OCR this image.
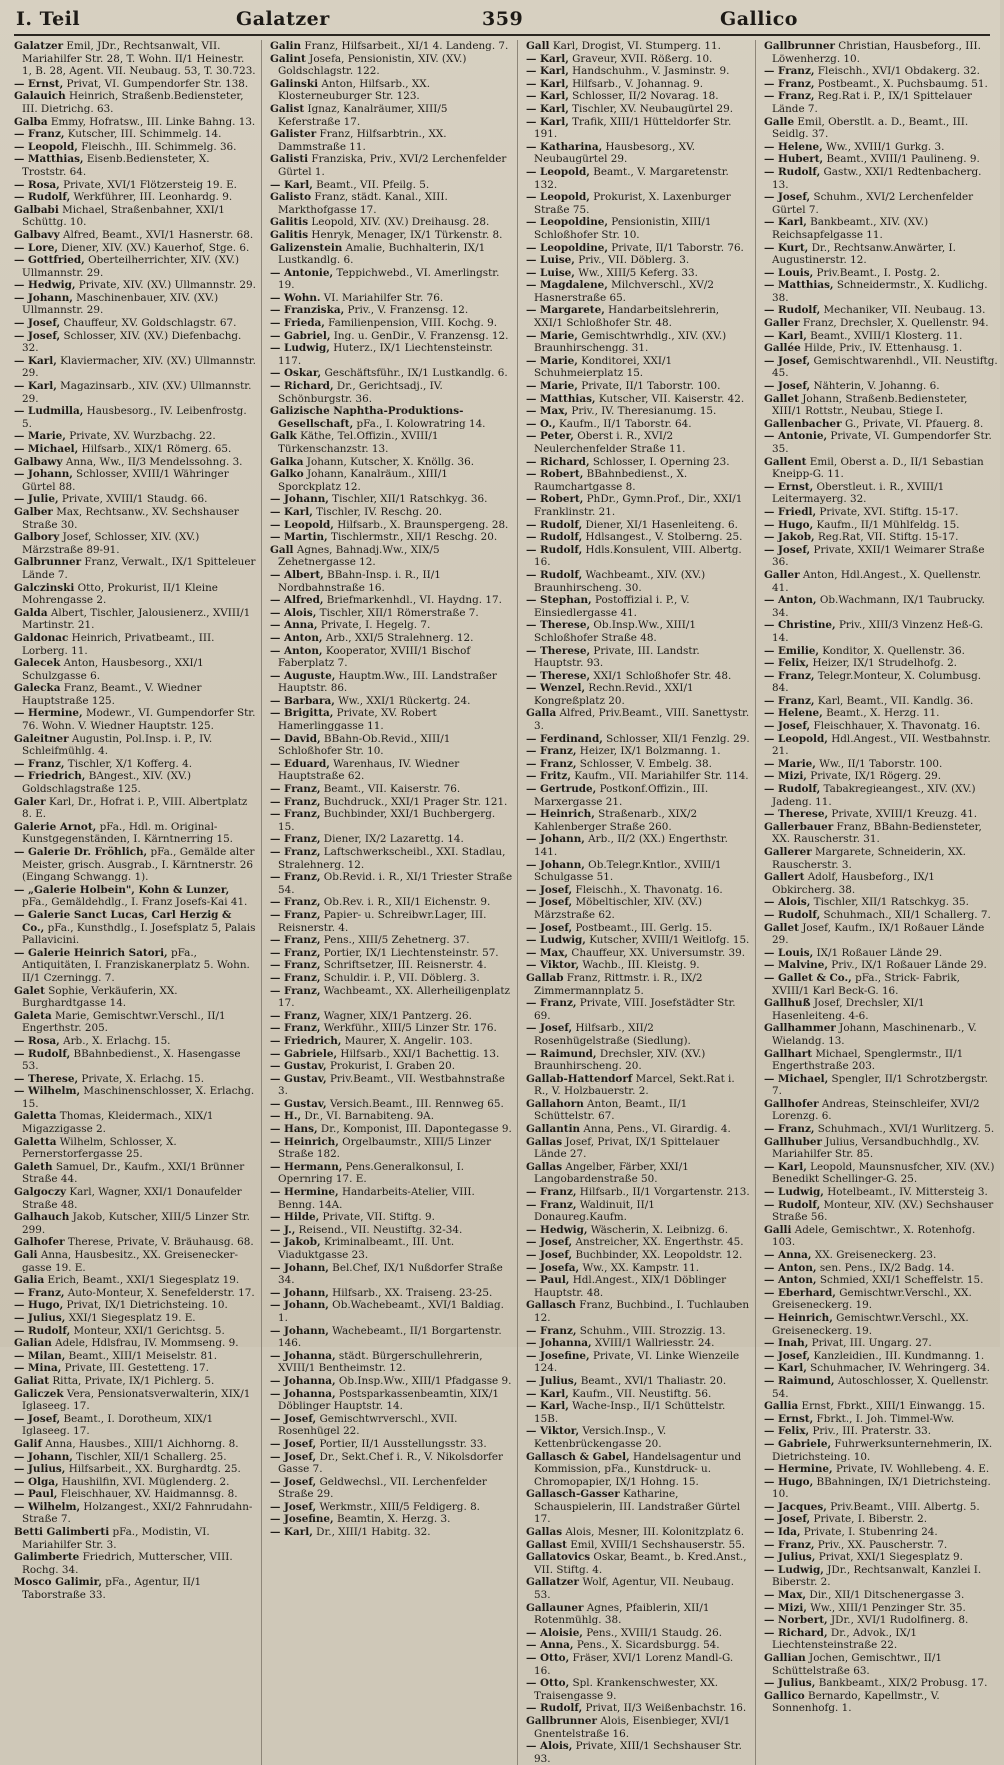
I. Teil	Galatzer	359	Gallico

Galatzer Emil, JDr., Rechtsanwalt, VII. Mariahilfer Str. 28, T. Wohn. II/1 Heinestr. 1, B. 28, Agent. VII. Neubaug. 53, T. 30.723.

— Ernst, Privat, VI. Gumpendorfer Str. 138.

Galauich Heinrich, Straßenb.Bediensteter, III. Dietrichg. 63.

Galba Emmy, Hofratsw., III. Linke Bahng. 13.

— Franz, Kutscher, III. Schimmelg. 14.

— Leopold, Fleischh., III. Schimmelg. 36.

— Matthias, Eisenb.Bediensteter, X. Troststr. 64.

— Rosa, Private, XVI/1 Flötzersteig 19. E.

— Rudolf, Werkführer, III. Leonhardg. 9.

Galbabi Michael, Straßenbahner, XXI/1 Schüttg. 10.

Galbavy Alfred, Beamt., XVI/1 Hasnerstr. 68.

— Lore, Diener, XIV. (XV.) Kauerhof, Stge. 6.

— Gottfried, Oberteilherrichter, XIV. (XV.) Ullmannstr. 29.

— Hedwig, Private, XIV. (XV.) Ullmannstr. 29.

— Johann, Maschinenbauer, XIV. (XV.) Ullmannstr. 29.

— Josef, Chauffeur, XV. Goldschlagstr. 67.

— Josef, Schlosser, XIV. (XV.) Diefenbachg. 32.

— Karl, Klaviermacher, XIV. (XV.) Ullmannstr. 29.

— Karl, Magazinsarb., XIV. (XV.) Ullmannstr. 29.

— Ludmilla, Hausbesorg., IV. Leibenfrostg. 5.

— Marie, Private, XV. Wurzbachg. 22.

— Michael, Hilfsarb., XIX/1 Römerg. 65.

Galbawy Anna, Ww., II/3 Mendelssohng. 3.

— Johann, Schlosser, XVIII/1 Währinger Gürtel 88.

— Julie, Private, XVIII/1 Staudg. 66.

Galber Max, Rechtsanw., XV. Sechshauser Straße 30.

Galbory Josef, Schlosser, XIV. (XV.) Märzstraße 89-91.

Galbrunner Franz, Verwalt., IX/1 Spitteleuer Lände 7.

Galczinski Otto, Prokurist, II/1 Kleine Mohrengasse 2.

Galda Albert, Tischler, Jalousienerz., XVIII/1 Martinstr. 21.

Galdonac Heinrich, Privatbeamt., III. Lorberg. 11.

Galecek Anton, Hausbesorg., XXI/1 Schulzgasse 6.

Galecka Franz, Beamt., V. Wiedner Hauptstraße 125.

— Hermine, Modewr., VI. Gumpendorfer Str. 76. Wohn. V. Wiedner Hauptstr. 125.

Galeitner Augustin, Pol.Insp. i. P., IV. Schleifmühlg. 4.

— Franz, Tischler, X/1 Kofferg. 4.

— Friedrich, BAngest., XIV. (XV.) Goldschlagstraße 125.

Galer Karl, Dr., Hofrat i. P., VIII. Albertplatz 8. E.

Galerie Arnot, pFa., Hdl. m. Original-Kunstgegenständen, I. Kärntnerring 15.

— Galerie Dr. Fröhlich, pFa., Gemälde alter Meister, grisch. Ausgrab., I. Kärntnerstr. 26 (Eingang Schwangg. 1).

— „Galerie Holbein", Kohn & Lunzer, pFa., Gemäldehdlg., I. Franz Josefs-Kai 41.

— Galerie Sanct Lucas, Carl Herzig & Co., pFa., Kunsthdlg., I. Josefsplatz 5, Palais Pallavicini.

— Galerie Heinrich Satori, pFa., Antiquitäten, I. Franziskanerplatz 5. Wohn. II/1 Czerningg. 7.

Galet Sophie, Verkäuferin, XX. Burghardtgasse 14.

Galeta Marie, Gemischtwr.Verschl., II/1 Engerthstr. 205.

— Rosa, Arb., X. Erlachg. 15.

— Rudolf, BBahnbedienst., X. Hasengasse 53.

— Therese, Private, X. Erlachg. 15.

— Wilhelm, Maschinenschlosser, X. Erlachg. 15.

Galetta Thomas, Kleidermach., XIX/1 Migazzigasse 2.

Galetta Wilhelm, Schlosser, X. Pernerstorfergasse 25.

Galeth Samuel, Dr., Kaufm., XXI/1 Brünner Straße 44.

Galgoczy Karl, Wagner, XXI/1 Donaufelder Straße 48.

Galhauch Jakob, Kutscher, XIII/5 Linzer Str. 299.

Galhofer Therese, Private, V. Bräuhausg. 68.

Gali Anna, Hausbesitz., XX. Greisenecker-gasse 19. E.

Galia Erich, Beamt., XXI/1 Siegesplatz 19.

— Franz, Auto-Monteur, X. Senefelderstr. 17.

— Hugo, Privat, IX/1 Dietrichsteing. 10.

— Julius, XXI/1 Siegesplatz 19. E.

— Rudolf, Monteur, XXI/1 Gerichtsg. 5.

Galian Adele, Hdlsfrau, IV. Mommseng. 9.

— Milan, Beamt., XIII/1 Meiselstr. 81.

— Mina, Private, III. Gestetteng. 17.

Galiat Ritta, Private, IX/1 Pichlerg. 5.

Galiczek Vera, Pensionatsverwalterin, XIX/1 Iglaseeg. 17.

— Josef, Beamt., I. Dorotheum, XIX/1 Iglaseeg. 17.

Galif Anna, Hausbes., XIII/1 Aichhorng. 8.

— Johann, Tischler, XII/1 Schallerg. 25.

— Julius, Hilfsarbeit., XX. Burghardtg. 25.

— Olga, Haushilfin, XVI. Müglenderg. 2.

— Paul, Fleischhauer, XV. Haidmannsg. 8.

— Wilhelm, Holzangest., XXI/2 Fahnrudahn-Straße 7.

Betti Galimberti pFa., Modistin, VI. Mariahilfer Str. 3.

Galimberte Friedrich, Mutterscher, VIII. Rochg. 34.

Mosco Galimir, pFa., Agentur, II/1 Taborstraße 33.

Galin Franz, Hilfsarbeit., XI/1 4. Landeng. 7.

Galint Josefa, Pensionistin, XIV. (XV.) Goldschlagstr. 122.

Galinski Anton, Hilfsarb., XX. Klosterneuburger Str. 123.

Galist Ignaz, Kanalräumer, XIII/5 Keferstraße 17.

Galister Franz, Hilfsarbtrin., XX. Dammstraße 11.

Galisti Franziska, Priv., XVI/2 Lerchenfelder Gürtel 1.

— Karl, Beamt., VII. Pfeilg. 5.

Galisto Franz, städt. Kanal., XIII. Markthofgasse 17.

Galitis Leopold, XIV. (XV.) Dreihausg. 28.

Galitis Henryk, Menager, IX/1 Türkenstr. 8.

Galizenstein Amalie, Buchhalterin, IX/1 Lustkandlg. 6.

— Antonie, Teppichwebd., VI. Amerlingstr. 19.

— Wohn. VI. Mariahilfer Str. 76.

— Franziska, Priv., V. Franzensg. 12.

— Frieda, Familienpension, VIII. Kochg. 9.

— Gabriel, Ing. u. GenDir., V. Franzensg. 12.

— Ludwig, Huterz., IX/1 Liechtensteinstr. 117.

— Oskar, Geschäftsführ., IX/1 Lustkandlg. 6.

— Richard, Dr., Gerichtsadj., IV. Schönburgstr. 36.

Galizische Naphtha-Produktions-Gesellschaft, pFa., I. Kolowratring 14.

Galk Käthe, Tel.Offizin., XVIII/1 Türkenschanzstr. 13.

Galka Johann, Kutscher, X. Knöllg. 36.

Galko Johann, Kanalräum., XIII/1 Sporckplatz 12.

— Johann, Tischler, XII/1 Ratschkyg. 36.

— Karl, Tischler, IV. Reschg. 20.

— Leopold, Hilfsarb., X. Braunspergeng. 28.

— Martin, Tischlermstr., XII/1 Reschg. 20.

Gall Agnes, Bahnadj.Ww., XIX/5 Zehetnergasse 12.

— Albert, BBahn-Insp. i. R., II/1 Nordbahnstraße 16.

— Alfred, Briefmarkenhdl., VI. Haydng. 17.

— Alois, Tischler, XII/1 Römerstraße 7.

— Anna, Private, I. Hegelg. 7.

— Anton, Arb., XXI/5 Stralehnerg. 12.

— Anton, Kooperator, XVIII/1 Bischof Faberplatz 7.

— Auguste, Hauptm.Ww., III. Landstraßer Hauptstr. 86.

— Barbara, Ww., XXI/1 Rückertg. 24.

— Brigitta, Private, XV. Robert Hamerlinggasse 11.

— David, BBahn-Ob.Revid., XIII/1 Schloßhofer Str. 10.

— Eduard, Warenhaus, IV. Wiedner Hauptstraße 62.

— Franz, Beamt., VII. Kaiserstr. 76.

— Franz, Buchdruck., XXI/1 Prager Str. 121.

— Franz, Buchbinder, XXI/1 Buchbergerg. 15.

— Franz, Diener, IX/2 Lazarettg. 14.

— Franz, Laftschwerkscheibl., XXI. Stadlau, Stralehnerg. 12.

— Franz, Ob.Revid. i. R., XI/1 Triester Straße 54.

— Franz, Ob.Rev. i. R., XII/1 Eichenstr. 9.

— Franz, Papier- u. Schreibwr.Lager, III. Reisnerstr. 4.

— Franz, Pens., XIII/5 Zehetnerg. 37.

— Franz, Portier, IX/1 Liechtensteinstr. 57.

— Franz, Schriftsetzer, III. Reisnerstr. 4.

— Franz, Schuldir. i. P., VII. Döblerg. 3.

— Franz, Wachbeamt., XX. Allerheiligenplatz 17.

— Franz, Wagner, XIX/1 Pantzerg. 26.

— Franz, Werkführ., XIII/5 Linzer Str. 176.

— Friedrich, Maurer, X. Angeliг. 103.

— Gabriele, Hilfsarb., XXI/1 Bachettig. 13.

— Gustav, Prokurist, I. Graben 20.

— Gustav, Priv.Beamt., VII. Westbahnstraße 3.

— Gustav, Versich.Beamt., III. Rennweg 65.

— H., Dr., VI. Barnabiteng. 9A.

— Hans, Dr., Komponist, III. Dapontegasse 9.

— Heinrich, Orgelbaumstr., XIII/5 Linzer Straße 182.

— Hermann, Pens.Generalkonsul, I. Opernring 17. E.

— Hermine, Handarbeits-Atelier, VIII. Benng. 14A.

— Hilde, Private, VII. Stiftg. 9.

— J., Reisend., VII. Neustiftg. 32-34.

— Jakob, Kriminalbeamt., III. Unt. Viaduktgasse 23.

— Johann, Bel.Chef, IX/1 Nußdorfer Straße 34.

— Johann, Hilfsarb., XX. Traiseng. 23-25.

— Johann, Ob.Wachebeamt., XVI/1 Baldiag. 1.

— Johann, Wachebeamt., II/1 Borgartenstr. 146.

— Johanna, städt. Bürgerschullehrerin, XVIII/1 Bentheimstr. 12.

— Johanna, Ob.Insp.Ww., XIII/1 Pfadgasse 9.

— Johanna, Postsparkassenbeamtin, XIX/1 Döblinger Hauptstr. 14.

— Josef, Gemischtwrverschl., XVII. Rosenhügel 22.

— Josef, Portier, II/1 Ausstellungsstr. 33.

— Josef, Dr., Sekt.Chef i. R., V. Nikolsdorfer Gasse 7.

— Josef, Geldwechsl., VII. Lerchenfelder Straße 29.

— Josef, Werkmstr., XIII/5 Feldigerg. 8.

— Josefine, Beamtin, X. Herzg. 3.

— Karl, Dr., XIII/1 Habitg. 32.

Gall Karl, Drogist, VI. Stumperg. 11.

— Karl, Graveur, XVII. Rößerg. 10.

— Karl, Handschuhm., V. Jasminstr. 9.

— Karl, Hilfsarb., V. Johannag. 9.

— Karl, Schlosser, II/2 Novarag. 18.

— Karl, Tischler, XV. Neubaugürtel 29.

— Karl, Trafik, XIII/1 Hütteldorfer Str. 191.

— Katharina, Hausbesorg., XV. Neubaugürtel 29.

— Leopold, Beamt., V. Margaretenstr. 132.

— Leopold, Prokurist, X. Laxenburger Straße 75.

— Leopoldine, Pensionistin, XIII/1 Schloßhofer Str. 10.

— Leopoldine, Private, II/1 Taborstr. 76.

— Luise, Priv., VII. Döblerg. 3.

— Luise, Ww., XIII/5 Keferg. 33.

— Magdalene, Milchverschl., XV/2 Hasnerstraße 65.

— Margarete, Handarbeitslehrerin, XXI/1 Schloßhofer Str. 48.

— Marie, Gemischtwrhdlg., XIV. (XV.) Braunhirschengg. 31.

— Marie, Konditorei, XXI/1 Schuhmeierplatz 15.

— Marie, Private, II/1 Taborstr. 100.

— Matthias, Kutscher, VII. Kaiserstr. 42.

— Max, Priv., IV. Theresianumg. 15.

— O., Kaufm., II/1 Taborstr. 64.

— Peter, Oberst i. R., XVI/2 Neulerchenfelder Straße 11.

— Richard, Schlosser, I. Operning 23.

— Robert, BBahnbedienst., X. Raumchartgasse 8.

— Robert, PhDr., Gymn.Prof., Dir., XXI/1 Franklinstr. 21.

— Rudolf, Diener, XI/1 Hasenleiteng. 6.

— Rudolf, Hdlsangest., V. Stolberng. 25.

— Rudolf, Hdls.Konsulent, VIII. Albertg. 16.

— Rudolf, Wachbeamt., XIV. (XV.) Braunhirscheng. 30.

— Stephan, Postoffizial i. P., V. Einsiedlergasse 41.

— Therese, Ob.Insp.Ww., XIII/1 Schloßhofer Straße 48.

— Therese, Private, III. Landstr. Hauptstr. 93.

— Therese, XXI/1 Schloßhofer Str. 48.

— Wenzel, Rechn.Revid., XXI/1 Kongreßplatz 20.

Galla Alfred, Priv.Beamt., VIII. Sanettystr. 3.

— Ferdinand, Schlosser, XII/1 Fenzlg. 29.

— Franz, Heizer, IX/1 Bolzmanng. 1.

— Franz, Schlosser, V. Embelg. 38.

— Fritz, Kaufm., VII. Mariahilfer Str. 114.

— Gertrude, Postkonf.Offizin., III. Marxergasse 21.

— Heinrich, Straßenarb., XIX/2 Kahlenberger Straße 260.

— Johann, Arb., II/2 (XX.) Engerthstr. 141.

— Johann, Ob.Telegr.Kntlor., XVIII/1 Schulgasse 51.

— Josef, Fleischh., X. Thavonatg. 16.

— Josef, Möbeltischler, XIV. (XV.) Märzstraße 62.

— Josef, Postbeamt., III. Gerlg. 15.

— Ludwig, Kutscher, XVIII/1 Weitlofg. 15.

— Max, Chauffeur, XX. Universumstr. 39.

— Viktor, Wachb., III. Kleistg. 9.

Gallab Franz, Rittmstr. i. R., IX/2 Zimmermannplatz 5.

— Franz, Private, VIII. Josefstädter Str. 69.

— Josef, Hilfsarb., XII/2 Rosenhügelstraße (Siedlung).

— Raimund, Drechsler, XIV. (XV.) Braunhirscheng. 20.

Gallab-Hattendorf Marcel, Sekt.Rat i. R., V. Holzbauerstr. 2.

Gallahorn Anton, Beamt., II/1 Schüttelstr. 67.

Gallantin Anna, Pens., VI. Girardig. 4.

Gallas Josef, Privat, IX/1 Spittelauer Lände 27.

Gallas Angelber, Färber, XXI/1 Langobardenstraße 50.

— Franz, Hilfsarb., II/1 Vorgartenstr. 213.

— Franz, Waldinuit, II/1 Donaureg.Kaufm.

— Hedwig, Wäscherin, X. Leibnizg. 6.

— Josef, Anstreicher, XX. Engerthstr. 45.

— Josef, Buchbinder, XX. Leopoldstr. 12.

— Josefa, Ww., XX. Kampstr. 11.

— Paul, Hdl.Angest., XIX/1 Döblinger Hauptstr. 48.

Gallasch Franz, Buchbind., I. Tuchlauben 12.

— Franz, Schuhm., VIII. Strozzig. 13.

— Johanna, XVIII/1 Wallriesstr. 24.

— Josefine, Private, VI. Linke Wienzeile 124.

— Julius, Beamt., XVI/1 Thaliastr. 20.

— Karl, Kaufm., VII. Neustiftg. 56.

— Karl, Wache-Insp., II/1 Schüttelstr. 15B.

— Viktor, Versich.Insp., V. Kettenbrückengasse 20.

Gallasch & Gabel, Handelsagentur und Kommission, pFa., Kunstdruck- u. Chromopapier, IX/1 Hohng. 15.

Gallasch-Gasser Katharine, Schauspielerin, III. Landstraßer Gürtel 17.

Gallas Alois, Mesner, III. Kolonitzplatz 6.

Gallast Emil, XVIII/1 Sechshauserstr. 55.

Gallatovics Oskar, Beamt., b. Kred.Anst., VII. Stiftg. 4.

Gallatzer Wolf, Agentur, VII. Neubaug. 53.

Gallauner Agnes, Pfaiblerin, XII/1 Rotenmühlg. 38.

— Aloisie, Pens., XVIII/1 Staudg. 26.

— Anna, Pens., X. Sicardsburgg. 54.

— Otto, Fräser, XVI/1 Lorenz Mandl-G. 16.

— Otto, Spl. Krankenschwester, XX. Traisengasse 9.

— Rudolf, Privat, II/3 Weißenbachstr. 16.

Gallbrunner Alois, Eisenbieger, XVI/1 Gnentelstraße 16.

— Alois, Private, XIII/1 Sechshauser Str. 93.

Gallbrunner Christian, Hausbeforg., III. Löwenherzg. 10.

— Franz, Fleischh., XVI/1 Obdakerg. 32.

— Franz, Postbeamt., X. Puchsbaumg. 51.

— Franz, Reg.Rat i. P., IX/1 Spittelauer Lände 7.

Galle Emil, Oberstlt. a. D., Beamt., III. Seidlg. 37.

— Helene, Ww., XVIII/1 Gurkg. 3.

— Hubert, Beamt., XVIII/1 Paulineng. 9.

— Rudolf, Gastw., XXI/1 Redtenbacherg. 13.

— Josef, Schuhm., XVI/2 Lerchenfelder Gürtel 7.

— Karl, Bankbeamt., XIV. (XV.) Reichsapfelgasse 11.

— Kurt, Dr., Rechtsanw.Anwärter, I. Augustinerstr. 12.

— Louis, Priv.Beamt., I. Postg. 2.

— Matthias, Schneidermstr., X. Kudlichg. 38.

— Rudolf, Mechaniker, VII. Neubaug. 13.

Galler Franz, Drechsler, X. Quellenstr. 94.

— Karl, Beamt., XVIII/1 Klosterg. 11.

Gallée Hilde, Priv., IV. Ettenhausg. 1.

— Josef, Gemischtwarenhdl., VII. Neustiftg. 45.

— Josef, Nähterin, V. Johanng. 6.

Gallet Johann, Straßenb.Bediensteter, XIII/1 Rottstr., Neubau, Stiege I.

Gallenbacher G., Private, VI. Pfauerg. 8.

— Antonie, Private, VI. Gumpendorfer Str. 35.

Gallent Emil, Oberst a. D., II/1 Sebastian Kneipp-G. 11.

— Ernst, Oberstleut. i. R., XVIII/1 Leitermayerg. 32.

— Friedl, Private, XVI. Stiftg. 15-17.

— Hugo, Kaufm., II/1 Mühlfeldg. 15.

— Jakob, Reg.Rat, VII. Stiftg. 15-17.

— Josef, Private, XXII/1 Weimarer Straße 36.

Galler Anton, Hdl.Angest., X. Quellenstr. 41.

— Anton, Ob.Wachmann, IX/1 Taubrucky. 34.

— Christine, Priv., XIII/3 Vinzenz Heß-G. 14.

— Emilie, Konditor, X. Quellenstr. 36.

— Felix, Heizer, IX/1 Strudelhofg. 2.

— Franz, Telegr.Monteur, X. Columbusg. 84.

— Franz, Karl, Beamt., VII. Kandlg. 36.

— Helene, Beamt., X. Herzg. 11.

— Josef, Fleischhauer, X. Thavonatg. 16.

— Leopold, Hdl.Angest., VII. Westbahnstr. 21.

— Marie, Ww., II/1 Taborstr. 100.

— Mizi, Private, IX/1 Rögerg. 29.

— Rudolf, Tabakregieangest., XIV. (XV.) Jadeng. 11.

— Therese, Private, XVIII/1 Kreuzg. 41.

Gallerbauer Franz, BBahn-Bediensteter, XX. Rauscherstr. 31.

Gallerer Margarete, Schneiderin, XX. Rauscherstr. 3.

Gallert Adolf, Hausbeforg., IX/1 Obkircherg. 38.

— Alois, Tischler, XII/1 Ratschkyg. 35.

— Rudolf, Schuhmach., XII/1 Schallerg. 7.

Gallet Josef, Kaufm., IX/1 Roßauer Lände 29.

— Louis, IX/1 Roßauer Lände 29.

— Malvine, Priv., IX/1 Roßauer Lände 29.

— Gallet & Co., pFa., Strick- Fabrik, XVIII/1 Karl Beck-G. 16.

Gallhuß Josef, Drechsler, XI/1 Hasenleiteng. 4-6.

Gallhammer Johann, Maschinenarb., V. Wielandg. 13.

Gallhart Michael, Spenglermstr., II/1 Engerthstraße 203.

— Michael, Spengler, II/1 Schrotzbergstr. 7.

Gallhofer Andreas, Steinschleifer, XVI/2 Lorenzg. 6.

— Franz, Schuhmach., XVI/1 Wurlitzerg. 5.

Gallhuber Julius, Versandbuchhdlg., XV. Mariahilfer Str. 85.

— Karl, Leopold, Maunsnusfcher, XIV. (XV.) Benedikt Schellinger-G. 25.

— Ludwig, Hotelbeamt., IV. Mittersteig 3.

— Rudolf, Monteur, XIV. (XV.) Sechshauser Straße 56.

Galli Adele, Gemischtwr., X. Rotenhofg. 103.

— Anna, XX. Greiseneckerg. 23.

— Anton, sen. Pens., IX/2 Badg. 14.

— Anton, Schmied, XXI/1 Scheffelstr. 15.

— Eberhard, Gemischtwr.Verschl., XX. Greiseneckerg. 19.

— Heinrich, Gemischtwr.Verschl., XX. Greiseneckerg. 19.

— Inah, Privat, III. Ungarg. 27.

— Josef, Kanzleidien., III. Kundmanng. 1.

— Karl, Schuhmacher, IV. Wehringerg. 34.

— Raimund, Autoschlosser, X. Quellenstr. 54.

Gallia Ernst, Fbrkt., XIII/1 Einwangg. 15.

— Ernst, Fbrkt., I. Joh. Timmel-Ww.

— Felix, Priv., III. Praterstr. 33.

— Gabriele, Fuhrwerksunternehmerin, IX. Dietrichsteing. 10.

— Hermine, Private, IV. Wohllebeng. 4. E.

— Hugo, BBahningen, IX/1 Dietrichsteing. 10.

— Jacques, Priv.Beamt., VIII. Albertg. 5.

— Josef, Private, I. Biberstr. 2.

— Ida, Private, I. Stubenring 24.

— Franz, Priv., XX. Pauscherstr. 7.

— Julius, Privat, XXI/1 Siegesplatz 9.

— Ludwig, JDr., Rechtsanwalt, Kanzlei I. Biberstr. 2.

— Max, Dir., XII/1 Ditschenergasse 3.

— Mizi, Ww., XIII/1 Penzinger Str. 35.

— Norbert, JDr., XVI/1 Rudolfinerg. 8.

— Richard, Dr., Advok., IX/1 Liechtensteinstraße 22.

Gallian Jochen, Gemischtwr., II/1 Schüttelstraße 63.

— Julius, Bankbeamt., XIX/2 Probusg. 17.

Gallico Bernardo, Kapellmstr., V. Sonnenhofg. 1.
